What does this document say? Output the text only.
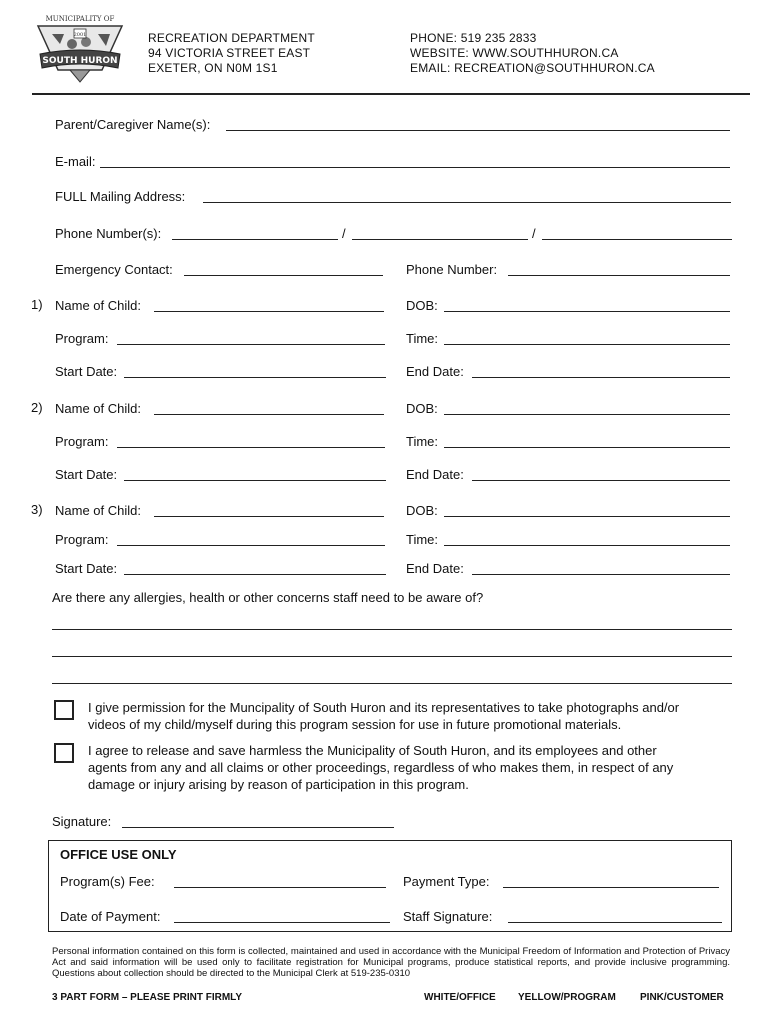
MUNICIPALITY OF
2001
SOUTH HURON
RECREATION DEPARTMENT
94 VICTORIA STREET EAST
EXETER, ON N0M 1S1
PHONE: 519 235 2833
WEBSITE: WWW.SOUTHHURON.CA
EMAIL: RECREATION@SOUTHHURON.CA
Parent/Caregiver Name(s):
E-mail:
FULL Mailing Address:
Phone Number(s):	/	/
Emergency Contact:	Phone Number:
1) Name of Child:	DOB:
Program:	Time:
Start Date:	End Date:
2) Name of Child:	DOB:
Program:	Time:
Start Date:	End Date:
3) Name of Child:	DOB:
Program:	Time:
Start Date:	End Date:
Are there any allergies, health or other concerns staff need to be aware of?
I give permission for the Muncipality of South Huron and its representatives to take photographs and/or
videos of my child/myself during this program session for use in future promotional materials.
I agree to release and save harmless the Municipality of South Huron, and its employees and other
agents from any and all claims or other proceedings, regardless of who makes them, in respect of any
damage or injury arising by reason of participation in this program.
Signature:
OFFICE USE ONLY
Program(s) Fee:	Payment Type:
Date of Payment:	Staff Signature:
Personal information contained on this form is collected, maintained and used in accordance with the Municipal Freedom of Information and Protection of Privacy Act and said information will be used only to facilitate registration for Municipal programs, produce statistical reports, and provide inclusive programming. Questions about collection should be directed to the Municipal Clerk at 519-235-0310
3 PART FORM – PLEASE PRINT FIRMLY	WHITE/OFFICE YELLOW/PROGRAM PINK/CUSTOMER
